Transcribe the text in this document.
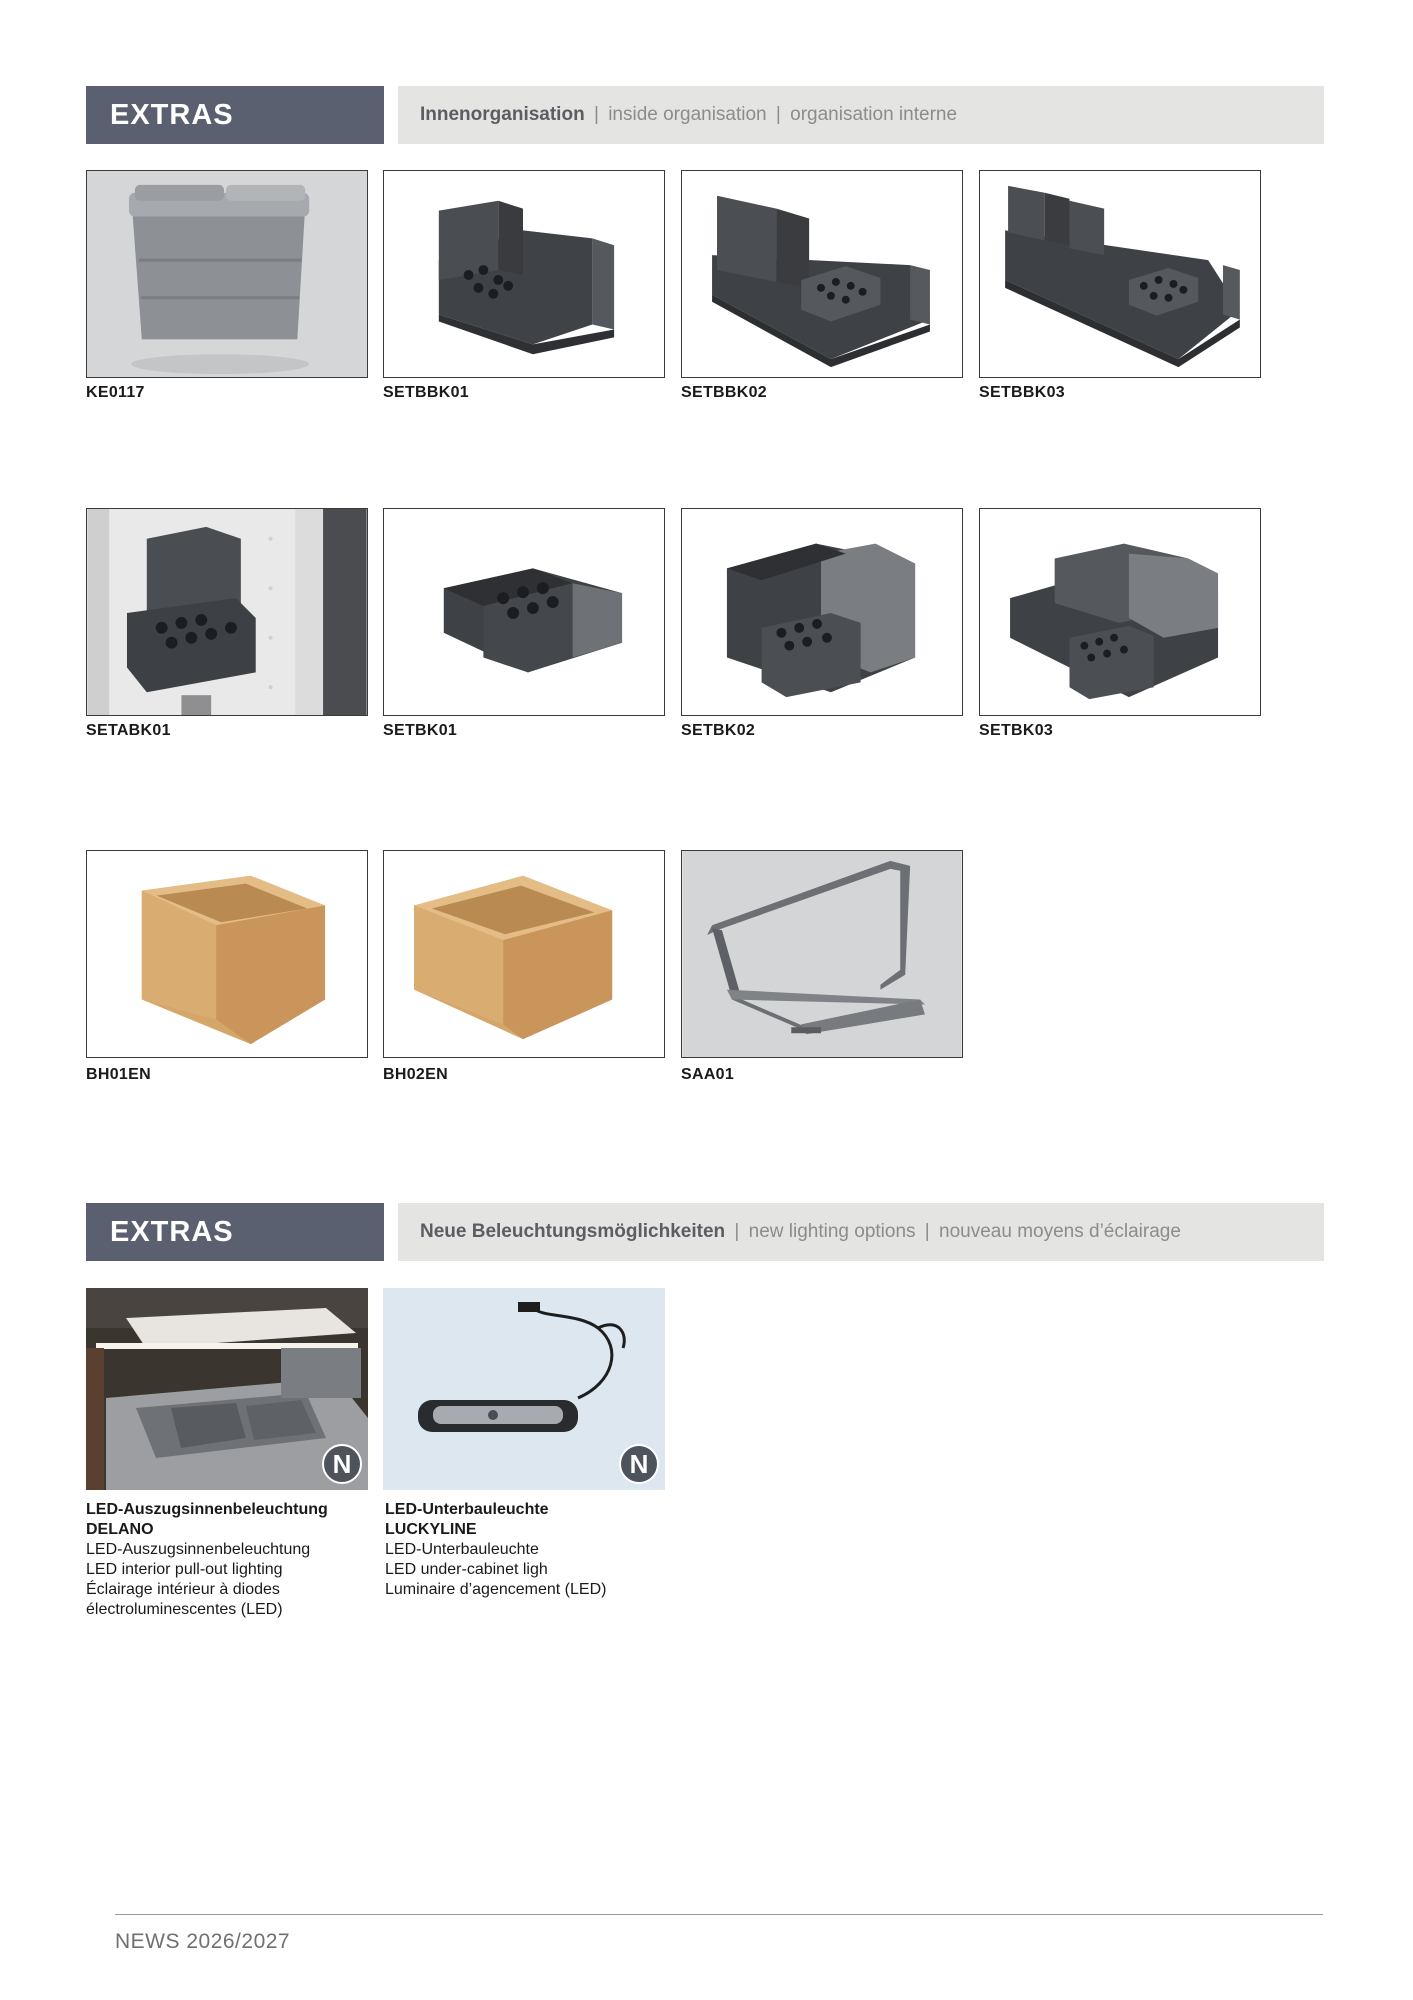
EXTRAS	Innenorganisation | inside organisation | organisation interne
KE0117	SETBBK01	SETBBK02	SETBBK03
SETABK01	SETBK01	SETBK02	SETBK03
BH01EN	BH02EN	SAA01
EXTRAS	Neue Beleuchtungsmöglichkeiten | new lighting options | nouveau moyens d’éclairage
N
LED-Auszugsinnenbeleuchtung
DELANO
LED-Auszugsinnenbeleuchtung
LED interior pull-out lighting
Éclairage intérieur à diodes électroluminescentes (LED)
N
LED-Unterbauleuchte
LUCKYLINE
LED-Unterbauleuchte
LED under-cabinet ligh
Luminaire d’agencement (LED)
NEWS 2026/2027
